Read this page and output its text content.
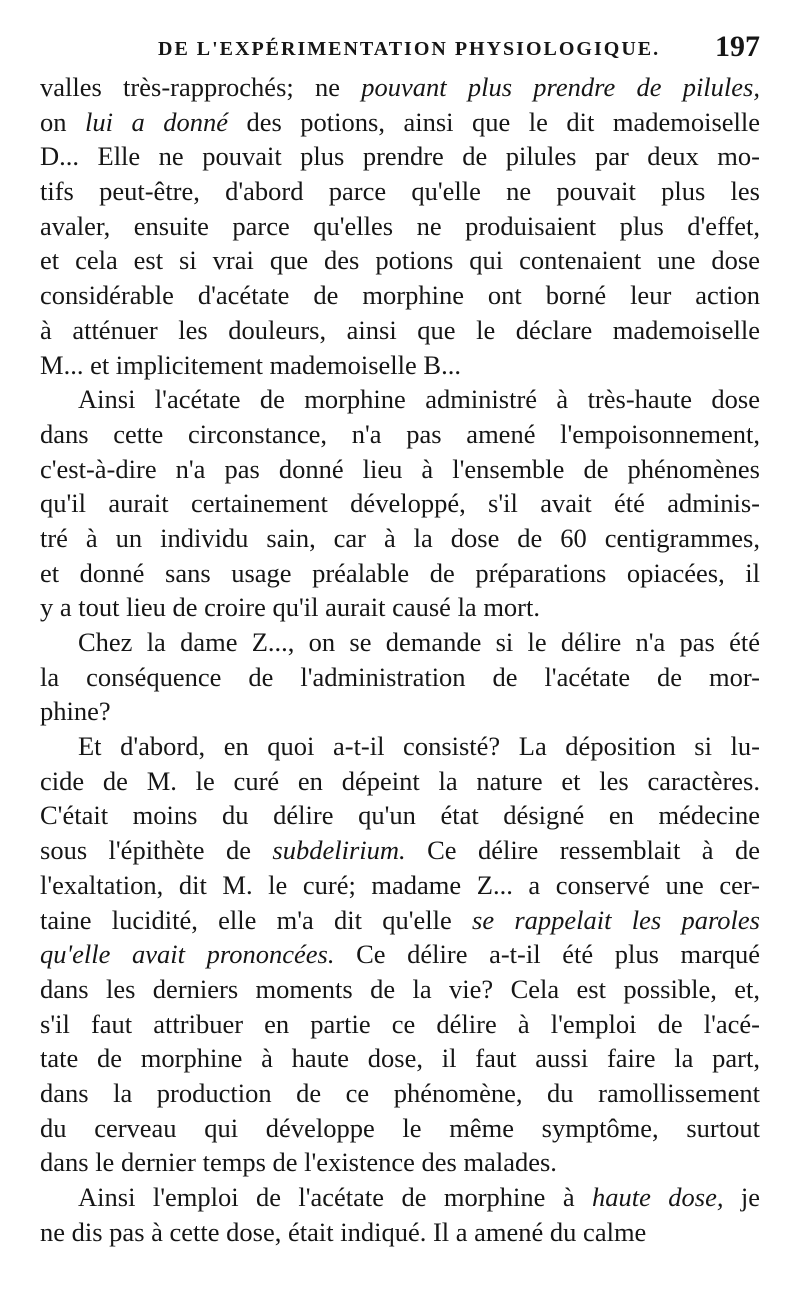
DE L'EXPÉRIMENTATION PHYSIOLOGIQUE. 197
valles très-rapprochés; ne pouvant plus prendre de pilules,
on lui a donné des potions, ainsi que le dit mademoiselle
D... Elle ne pouvait plus prendre de pilules par deux mo-
tifs peut-être, d'abord parce qu'elle ne pouvait plus les
avaler, ensuite parce qu'elles ne produisaient plus d'effet,
et cela est si vrai que des potions qui contenaient une dose
considérable d'acétate de morphine ont borné leur action
à atténuer les douleurs, ainsi que le déclare mademoiselle
M... et implicitement mademoiselle B...
Ainsi l'acétate de morphine administré à très-haute dose
dans cette circonstance, n'a pas amené l'empoisonnement,
c'est-à-dire n'a pas donné lieu à l'ensemble de phénomènes
qu'il aurait certainement développé, s'il avait été adminis-
tré à un individu sain, car à la dose de 60 centigrammes,
et donné sans usage préalable de préparations opiacées, il
y a tout lieu de croire qu'il aurait causé la mort.
Chez la dame Z..., on se demande si le délire n'a pas été
la conséquence de l'administration de l'acétate de mor-
phine?
Et d'abord, en quoi a-t-il consisté? La déposition si lu-
cide de M. le curé en dépeint la nature et les caractères.
C'était moins du délire qu'un état désigné en médecine
sous l'épithète de subdelirium. Ce délire ressemblait à de
l'exaltation, dit M. le curé; madame Z... a conservé une cer-
taine lucidité, elle m'a dit qu'elle se rappelait les paroles
qu'elle avait prononcées. Ce délire a-t-il été plus marqué
dans les derniers moments de la vie? Cela est possible, et,
s'il faut attribuer en partie ce délire à l'emploi de l'acé-
tate de morphine à haute dose, il faut aussi faire la part,
dans la production de ce phénomène, du ramollissement
du cerveau qui développe le même symptôme, surtout
dans le dernier temps de l'existence des malades.
Ainsi l'emploi de l'acétate de morphine à haute dose, je
ne dis pas à cette dose, était indiqué. Il a amené du calme
